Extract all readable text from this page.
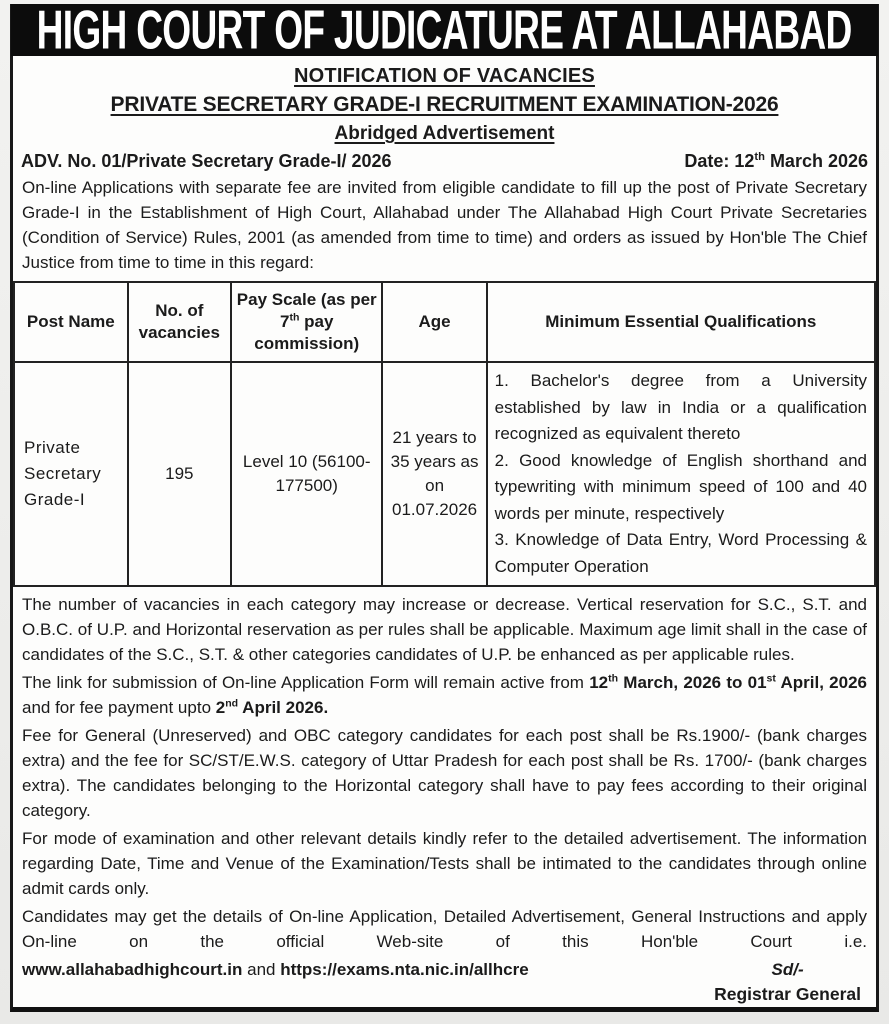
HIGH COURT OF JUDICATURE AT ALLAHABAD
NOTIFICATION OF VACANCIES
PRIVATE SECRETARY GRADE-I RECRUITMENT EXAMINATION-2026
Abridged Advertisement
ADV. No. 01/Private Secretary Grade-I/ 2026	Date: 12th March 2026
On-line Applications with separate fee are invited from eligible candidate to fill up the post of Private Secretary Grade-I in the Establishment of High Court, Allahabad under The Allahabad High Court Private Secretaries (Condition of Service) Rules, 2001 (as amended from time to time) and orders as issued by Hon'ble The Chief Justice from time to time in this regard:
Post Name	No. of vacancies	Pay Scale (as per 7th pay commission)	Age	Minimum Essential Qualifications
Private Secretary Grade-I	195	Level 10 (56100-177500)	21 years to 35 years as on 01.07.2026	1. Bachelor's degree from a University established by law in India or a qualification recognized as equivalent thereto
2. Good knowledge of English shorthand and typewriting with minimum speed of 100 and 40 words per minute, respectively
3. Knowledge of Data Entry, Word Processing & Computer Operation
The number of vacancies in each category may increase or decrease. Vertical reservation for S.C., S.T. and O.B.C. of U.P. and Horizontal reservation as per rules shall be applicable. Maximum age limit shall in the case of candidates of the S.C., S.T. & other categories candidates of U.P. be enhanced as per applicable rules.
The link for submission of On-line Application Form will remain active from 12th March, 2026 to 01st April, 2026 and for fee payment upto 2nd April 2026.
Fee for General (Unreserved) and OBC category candidates for each post shall be Rs.1900/- (bank charges extra) and the fee for SC/ST/E.W.S. category of Uttar Pradesh for each post shall be Rs. 1700/- (bank charges extra). The candidates belonging to the Horizontal category shall have to pay fees according to their original category.
For mode of examination and other relevant details kindly refer to the detailed advertisement. The information regarding Date, Time and Venue of the Examination/Tests shall be intimated to the candidates through online admit cards only.
Candidates may get the details of On-line Application, Detailed Advertisement, General Instructions and apply On-line on the official Web-site of this Hon'ble Court i.e.
www.allahabadhighcourt.in and https://exams.nta.nic.in/allhcre	Sd/-
Registrar General
